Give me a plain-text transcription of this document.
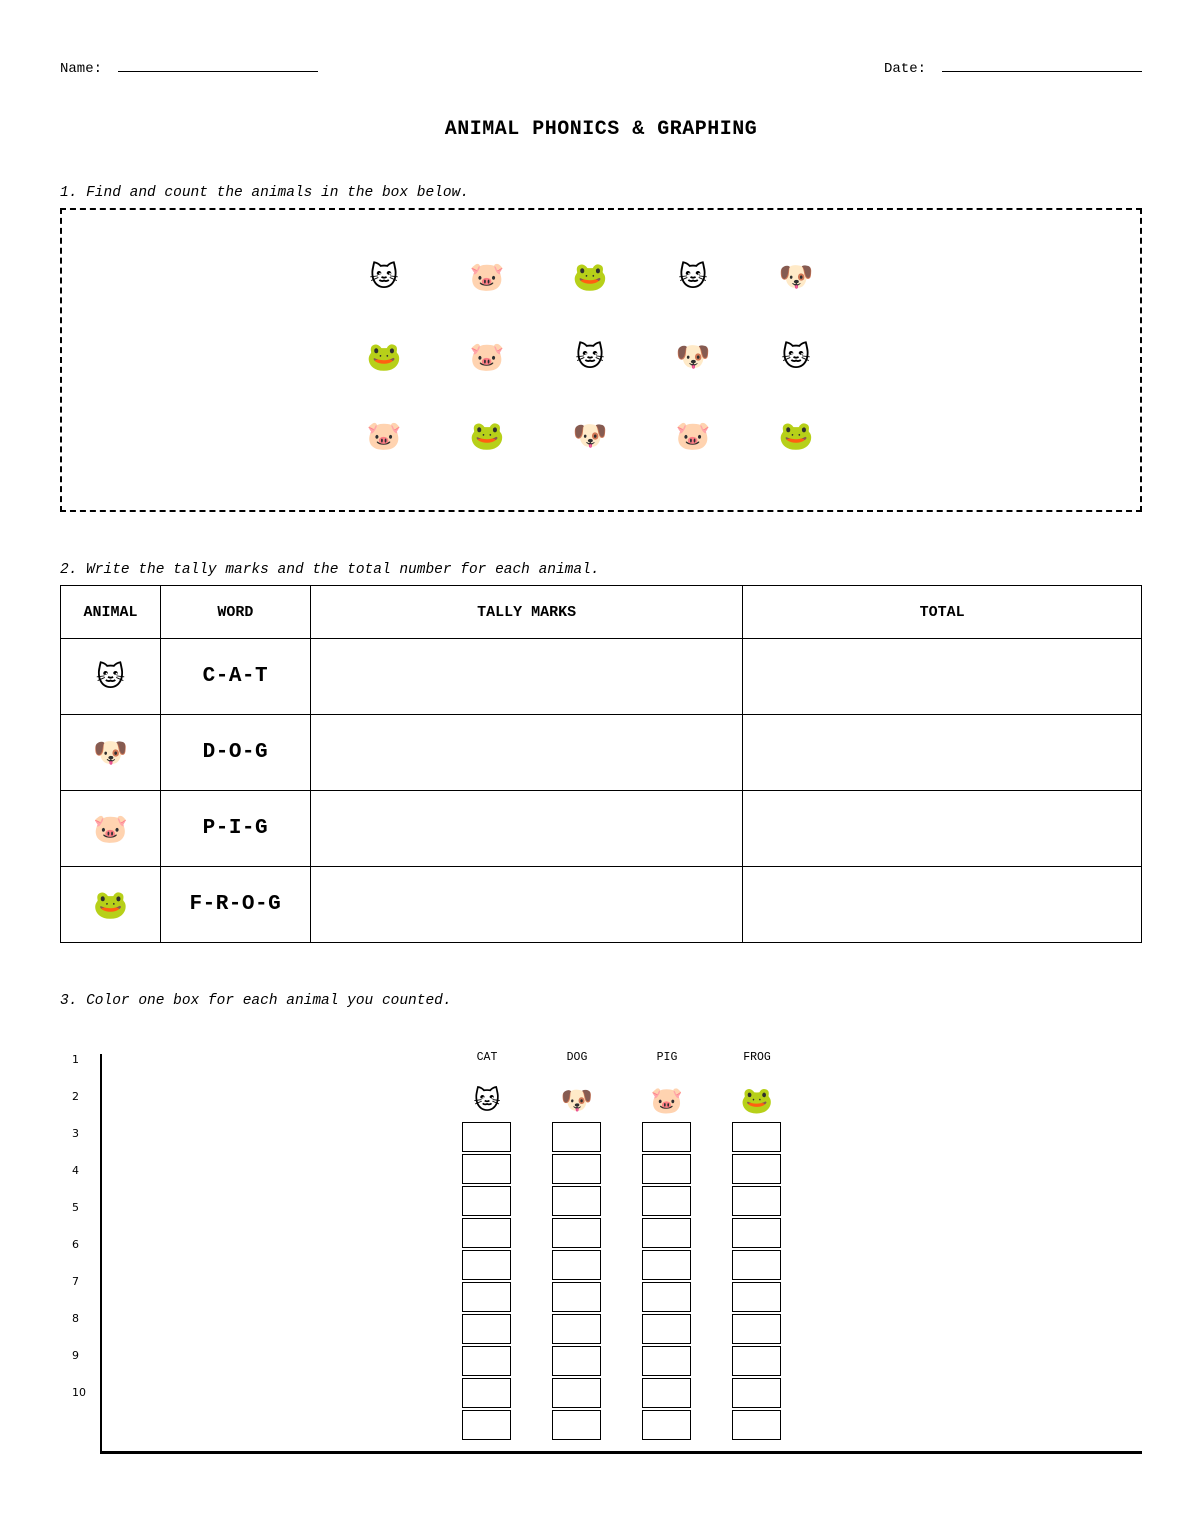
Name:	Date:
ANIMAL PHONICS & GRAPHING
1. Find and count the animals in the box below.
🐱	🐷 🐸	🐱	🐶
🐸 🐷	🐱	🐶	🐱
🐷 🐸 🐶 🐷 🐸
2. Write the tally marks and the total number for each animal.
ANIMAL	WORD	TALLY MARKS	TOTAL
🐱	C-A-T		
🐶	D-O-G		
🐷	P-I-G		
🐸	F-R-O-G		
3. Color one box for each animal you counted.
1
2
3
4
5
6
7
8
9
10
CAT
🐱
DOG
🐶
PIG
🐷
FROG
🐸
